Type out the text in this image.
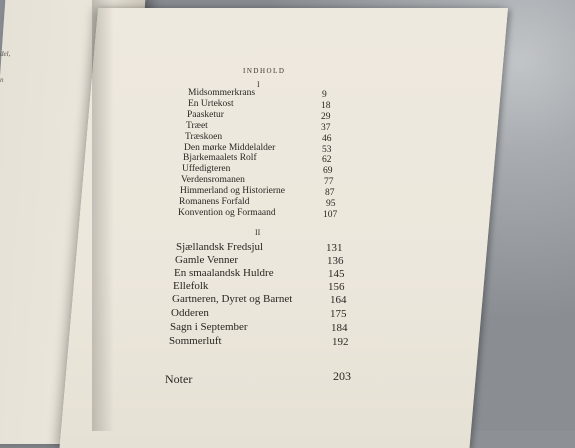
del,
n
INDHOLD
I
Midsommerkrans
En Urtekost
Paasketur
Træet
Træskoen
Den mørke Middelalder
Bjarkemaalets Rolf
Uffedigteren
Verdensromanen
Himmerland og Historierne
Romanens Forfald
Konvention og Formaand
9
18
29
37
46
53
62
69
77
87
95
107
II
Sjællandsk Fredsjul
Gamle Venner
En smaalandsk Huldre
Ellefolk
Gartneren, Dyret og Barnet
Odderen
Sagn i September
Sommerluft
131
136
145
156
164
175
184
192
Noter	203
